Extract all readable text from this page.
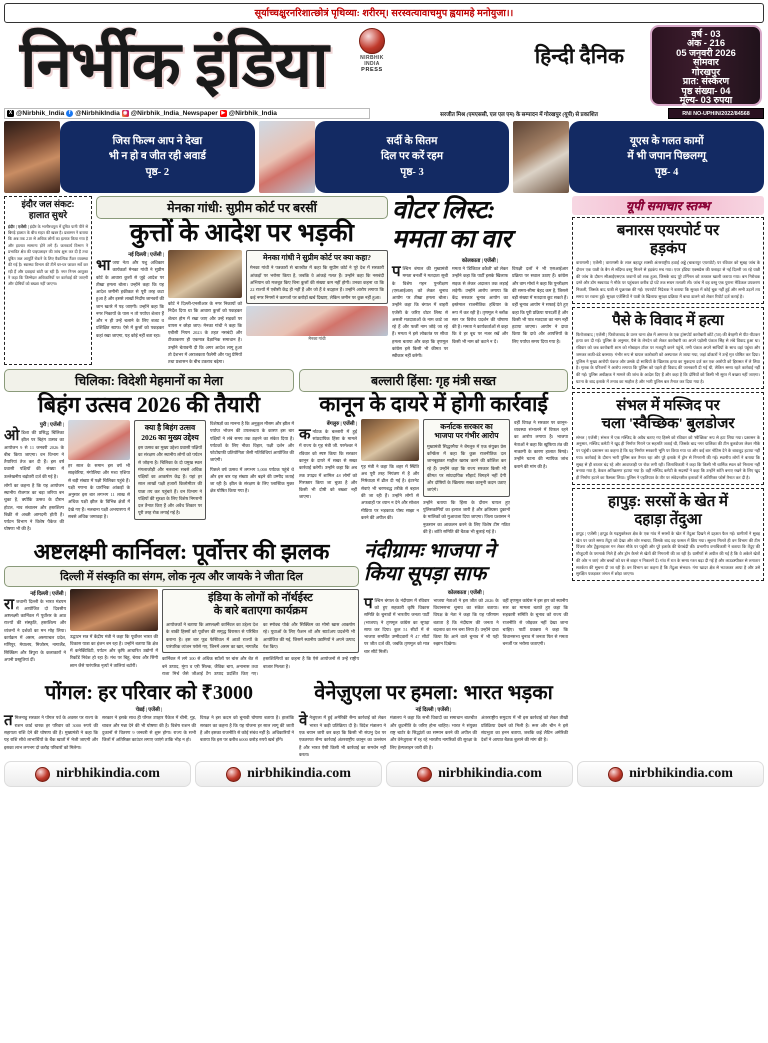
सूर्याच्चक्षुरनरिशात्छोत्रं पृथिव्या: शरीरम्। सरस्वत्यावाचमुप ह्वयामहे मनोयुजा।।
निर्भीक इंडिया	NIRBHIK INDIA
PRESS
हिन्दी दैनिक
वर्ष - 03
अंक - 216
05 जनवरी 2026
सोमवार
गोरखपुर
प्रात: संस्करण
पृष्ठ संख्या- 04
मूल्य- 03 रुपया
X @Nirbhik_India f @NirbhikIndia ◉ @Nirbhik_India_Newspaper ▶ @Nirbhik_India	सरजीत मिश्र (एमएससी, एल एल एम) के सम्पादन में गोरखपुर (यूपी) से प्रकाशित	RNI NO-UPHIN/2022/84568
जिस फिल्म आप ने देखा
भी न हो व जीत रही अवार्ड
पृष्ठ- 2
सर्दी के सितम
दिल पर करें रहम
पृष्ठ- 3
यूएस के गलत कामों
में भी जपान पिछलग्गू
पृष्ठ- 4
इंदौर जल संकट:
हालात सुधरे
इंदौर | एजेंसी | इंदौर के भागीरथपुरा में दूषित पानी पीने से बिगड़े हालात के बीच राहत की खबर है। प्रशासन ने बताया कि अब तक 210 से अधिक लोगों का इलाज किया गया है और हालात सामान्य होने लगे हैं। जलकार्य विभाग ने प्रभावित क्षेत्र की पाइपलाइन की जांच शुरू कर दी है तथा दूषित जल आपूर्ति रोकने के लिए वैकल्पिक टैंकर व्यवस्था की गई है। स्वास्थ्य विभाग की टीमें घर-घर जाकर सर्वे कर रही हैं और दवाइयां बांटी जा रही हैं। नगर निगम आयुक्त ने कहा कि जिम्मेदार अधिकारियों पर कार्रवाई की जाएगी और दोषियों को बख्शा नहीं जाएगा।
मेनका गांधी: सुप्रीम कोर्ट पर बरसीं
कुत्तों के आदेश पर भड़की
नई दिल्ली | एजेंसी |
भाजपा नेता और पशु अधिकार कार्यकर्ता मेनका गांधी ने सुप्रीम कोर्ट के आवारा कुत्तों से जुड़े आदेश पर तीखा हमला बोला। उन्होंने कहा कि यह आदेश जमीनी हकीकत से पूरी तरह कटा हुआ है और इससे लाखों निर्दोष जानवरों की जान खतरे में पड़ जाएगी। उन्होंने कहा कि नगर निकायों के पास न तो पर्याप्त शेल्टर हैं और न ही उन्हें चलाने के लिए बजट व प्रशिक्षित स्टाफ। ऐसे में कुत्तों को पकड़कर कहां रखा जाएगा, यह कोई नहीं बता रहा।
कोर्ट ने दिल्ली-एनसीआर के नगर निकायों को निर्देश दिया था कि आवारा कुत्तों को पकड़कर शेल्टर होम में रखा जाए और उन्हें सड़कों पर वापस न छोड़ा जाए। मेनका गांधी ने कहा कि एबीसी नियम 2023 के तहत नसबंदी और टीकाकरण ही एकमात्र वैज्ञानिक समाधान है। उन्होंने चेतावनी दी कि अगर आदेश लागू हुआ तो देशभर में अराजकता फैलेगी और पशु प्रेमियों तथा प्रशासन के बीच टकराव बढ़ेगा।
मेनका गांधी ने सुप्रीम कोर्ट पर क्या कहा?
मेनका गांधी ने पत्रकारों से बातचीत में कहा कि सुप्रीम कोर्ट ने पूरे देश में सरकारी आंकड़ों पर भरोसा किया है, जबकि वे आंकड़े गलत हैं। उन्होंने कहा कि नसबंदी अभियान को मजबूत किए बिना कुत्तों की संख्या कम नहीं होगी। उनका कहना था कि 22 राज्यों में एबीसी केंद्र ही नहीं हैं और जो हैं वे बदहाल हैं। उन्होंने आरोप लगाया कि कई नगर निगमों ने कागजों पर करोड़ों खर्च दिखाए, लेकिन जमीन पर कुछ नहीं हुआ।
मेनका गांधी
वोटर लिस्ट:
ममता का वार
कोलकाता | एजेंसी |
पश्चिम बंगाल की मुख्यमंत्री ममता बनर्जी ने मतदाता सूची के विशेष गहन पुनरीक्षण (एसआईआर) को लेकर चुनाव आयोग पर तीखा हमला बोला। उन्होंने कहा कि बंगाल में बाहरी एजेंसी के जरिए वोटर लिस्ट से असली मतदाताओं के नाम काटे जा रहे हैं और फर्जी नाम जोड़े जा रहे हैं। ममता ने इसे लोकतंत्र पर सीधा हमला बताया और कहा कि तृणमूल कांग्रेस इसे किसी भी कीमत पर स्वीकार नहीं करेगी।
ममता ने 'डिजिटल डकैती' को लेकर उन्होंने कहा कि पार्टी इसके खिलाफ सड़क से लेकर अदालत तक लड़ाई लड़ेगी। उन्होंने आरोप लगाया कि केंद्र सरकार चुनाव आयोग का इस्तेमाल राजनीतिक हथियार के रूप में कर रही है। तृणमूल ने ब्लॉक स्तर पर विरोध प्रदर्शन की घोषणा की है। ममता ने कार्यकर्ताओं से कहा कि वे हर बूथ पर नजर रखें और किसी भी नाम को कटने न दें।
विपक्षी दलों ने भी एसआईआर प्रक्रिया पर सवाल उठाए हैं। कांग्रेस और वाम मोर्चा ने कहा कि पुनरीक्षण की समय-सीमा बेहद कम है, जिससे बड़ी संख्या में मतदाता छूट सकते हैं। वहीं चुनाव आयोग ने सफाई देते हुए कहा कि पूरी प्रक्रिया पारदर्शी है और किसी भी पात्र मतदाता का नाम नहीं हटाया जाएगा। आयोग ने दावा किया कि दावे और आपत्तियों के लिए पर्याप्त समय दिया गया है।
चिलिका: विदेशी मेहमानों का मेला
बिहंग उत्सव 2026 की तैयारी
पुरी | एजेंसी |
ओडिशा की प्रसिद्ध चिलिका झील पर बिहंग उत्सव का आयोजन 9 से 11 जनवरी 2026 के बीच किया जाएगा। वन विभाग ने तैयारियां तेज कर दी हैं। इस वर्ष प्रवासी पक्षियों की संख्या में उल्लेखनीय बढ़ोतरी दर्ज की गई है।
लोगों का कहना है कि यह आयोजन स्थानीय रोजगार का बड़ा जरिया बन चुका है, क्योंकि उत्सव के दौरान होटल, नाव संचालन और हस्तशिल्प बिक्री से अच्छी आमदनी होती है। पर्यटन विभाग ने विशेष पैकेज की घोषणा भी की है।
हर साल के समान इस वर्ष भी साइबेरिया, मंगोलिया और मध्य एशिया से बड़ी संख्या में पक्षी चिलिका पहुंचे हैं। पक्षी गणना के प्रारंभिक आंकड़ों के अनुसार इस बार लगभग 11 लाख से अधिक पक्षी झील के विभिन्न क्षेत्रों में देखे गए हैं। नलबाना पक्षी अभयारण्य में सबसे अधिक जमावड़ा है।
क्या है बिहंग उत्सव
2026 का मुख्य उद्देश्य
इस उत्सव का मुख्य उद्देश्य प्रवासी पक्षियों का संरक्षण और स्थानीय लोगों को पर्यटन से जोड़ना है। चिलिका के दो प्रमुख स्थल मंगलाजोड़ी और नलबाना सबसे अधिक पक्षियों का आकर्षण केंद्र हैं। यहां हर साल लाखों पक्षी हजारों किलोमीटर की यात्रा तय कर पहुंचते हैं। वन विभाग ने पक्षियों की सुरक्षा के लिए विशेष निगरानी दल तैनात किए हैं और अवैध शिकार पर पूरी तरह रोक लगाई गई है।
विशेषज्ञों का मानना है कि अनुकूल मौसम और झील में पर्याप्त भोजन की उपलब्धता के कारण इस बार पक्षियों ने लंबे समय तक ठहरने का संकेत दिया है। पर्यटकों के लिए नौका विहार, पक्षी दर्शन और फोटोग्राफी प्रतियोगिता जैसी गतिविधियां आयोजित की जाएंगी।
पिछले वर्ष उत्सव में लगभग 5,000 पर्यटक पहुंचे थे और इस बार यह संख्या और बढ़ने की उम्मीद जताई जा रही है। झील के संरक्षण के लिए प्लास्टिक मुक्त क्षेत्र घोषित किया गया है।
बल्लारी हिंसा: गृह मंत्री सख्त
कानून के दायरे में होगी कार्रवाई
बेंगलुरु | एजेंसी |
कर्नाटक के बल्लारी में हुई सांप्रदायिक हिंसा के मामले में राज्य के गृह मंत्री जी. परमेश्वर ने रविवार को स्पष्ट किया कि सरकार कानून के दायरे में सख्त से सख्त कार्रवाई करेगी। उन्होंने कहा कि अब तक उपद्रव में शामिल 48 लोगों को गिरफ्तार किया जा चुका है और किसी भी दोषी को बख्शा नहीं जाएगा।
गृह मंत्री ने कहा कि शहर में स्थिति अब पूरी तरह नियंत्रण में है और निषेधाज्ञा में ढील दी गई है। इंटरनेट सेवाएं भी चरणबद्ध तरीके से बहाल की जा रही हैं। उन्होंने लोगों से अफवाहों पर ध्यान न देने और सोशल मीडिया पर भड़काऊ पोस्ट साझा न करने की अपील की।
कर्नाटक सरकार का
भाजपा पर गंभीर आरोप
मुख्यमंत्री सिद्धरमैया ने बेंगलुरु में एक संयुक्त प्रेस कॉन्फ्रेंस में कहा कि कुछ राजनीतिक दल जानबूझकर माहौल खराब करने की कोशिश कर रहे हैं। उन्होंने कहा कि राज्य सरकार किसी भी कीमत पर सांप्रदायिक सौहार्द बिगड़ने नहीं देगी और दोषियों के खिलाफ सख्त कानूनी कदम उठाए जाएंगे।
उन्होंने बताया कि हिंसा के दौरान घायल हुए पुलिसकर्मियों का इलाज जारी है और क्षतिग्रस्त दुकानों के मालिकों को मुआवजा दिया जाएगा। जिला प्रशासन ने नुकसान का आकलन करने के लिए विशेष टीम गठित की है। शांति समिति की बैठक भी बुलाई गई है।
वहीं विपक्ष ने सरकार पर कानून-व्यवस्था संभालने में विफल रहने का आरोप लगाया है। भाजपा नेताओं ने कहा कि खुफिया तंत्र की नाकामी के कारण हालात बिगड़े। उन्होंने घटना की न्यायिक जांच कराने की मांग की है।
अष्टलक्ष्मी कार्निवल: पूर्वोत्तर की झलक
दिल्ली में संस्कृति का संगम, लोक नृत्य और जायके ने जीता दिल
नई दिल्ली | एजेंसी |
राजधानी दिल्ली के भारत मंडपम में आयोजित दो दिवसीय अष्टलक्ष्मी कार्निवल में पूर्वोत्तर के आठ राज्यों की संस्कृति, हस्तशिल्प और व्यंजनों ने दर्शकों का मन मोह लिया। कार्यक्रम में असम, अरुणाचल प्रदेश, मणिपुर, मेघालय, मिजोरम, नागालैंड, सिक्किम और त्रिपुरा के कलाकारों ने अपनी प्रस्तुतियां दीं।
उद्घाटन सत्र में केंद्रीय मंत्री ने कहा कि पूर्वोत्तर भारत की विकास यात्रा का इंजन बन रहा है। उन्होंने बताया कि क्षेत्र में कनेक्टिविटी, पर्यटन और कृषि आधारित उद्योगों में रिकॉर्ड निवेश हो रहा है। मंच पर बिहू, चेराव और सिंगी छाम जैसे पारंपरिक नृत्यों ने तालियां बटोरीं।
इंडिया के लोगों को नॉर्थईस्ट
के बारे बताएगा कार्यक्रम
आयोजकों ने बताया कि अष्टलक्ष्मी कार्निवल का उद्देश्य देश के बाकी हिस्सों को पूर्वोत्तर की समृद्ध विरासत से परिचित कराना है। इस बार फूड फेस्टिवल में आठों राज्यों के पारंपरिक व्यंजन परोसे गए, जिनमें असम का खार, नागालैंड का स्मोक्ड पोर्क और सिक्किम का मोमो खास आकर्षण रहे। युवाओं के लिए फैशन शो और स्टार्टअप प्रदर्शनी भी आयोजित की गई, जिसमें स्थानीय उद्यमियों ने अपने उत्पाद पेश किए।
कार्निवल में लगे 300 से अधिक स्टॉलों पर बांस और बेंत से बने उत्पाद, मूंगा व एरी सिल्क, जैविक चाय, अनानास तथा राजा मिर्च जैसे जीआई टैग उत्पाद प्रदर्शित किए गए। हस्तशिल्पियों का कहना है कि ऐसे आयोजनों से उन्हें राष्ट्रीय बाजार मिलता है।
नंदीग्रामः भाजपा ने
किया सूपड़ा साफ
कोलकाता | एजेंसी |
पश्चिम बंगाल के नंदीग्राम में रविवार को हुए सहकारी कृषि विकास समिति के चुनावों में भारतीय जनता पार्टी (भाजपा) ने तृणमूल कांग्रेस का सूपड़ा साफ कर दिया। कुल 51 सीटों में से भाजपा समर्थित उम्मीदवारों ने 47 सीटों पर जीत दर्ज की, जबकि तृणमूल को मात्र चार सीटें मिलीं।
भाजपा नेताओं ने इस जीत को 2026 के विधानसभा चुनाव का संकेत बताया। विपक्ष के नेता ने कहा कि यह परिणाम बताता है कि नंदीग्राम की जनता ने बदलाव का मन बना लिया है। उन्होंने दावा किया कि आने वाले चुनाव में भी यही रुझान दिखेगा।
वहीं तृणमूल कांग्रेस ने इस हार को स्थानीय स्तर का मामला बताते हुए कहा कि सहकारी समिति के चुनाव को राज्य की राजनीति से जोड़कर नहीं देखा जाना चाहिए। पार्टी प्रवक्ता ने कहा कि विधानसभा चुनाव में जनता फिर से ममता बनर्जी पर भरोसा जताएगी।
पोंगल: हर परिवार को ₹3000
चेन्नई | एजेंसी |
तमिलनाडु सरकार ने पोंगल पर्व के अवसर पर राज्य के राशन कार्ड धारक हर परिवार को 3000 रुपये की सहायता राशि देने की घोषणा की है। मुख्यमंत्री ने कहा कि यह राशि सीधे लाभार्थियों के बैंक खातों में भेजी जाएगी और इसका लाभ लगभग दो करोड़ परिवारों को मिलेगा।
सरकार ने इसके साथ ही पोंगल उपहार पैकेज में चीनी, गुड़, चावल और गन्ना देने की भी घोषणा की है। विशेष राशन की दुकानों से वितरण 9 जनवरी से शुरू होगा। राज्य के सभी जिलों में अतिरिक्त काउंटर लगाए जाएंगे ताकि भीड़ न हो।
विपक्ष ने इस कदम को चुनावी घोषणा बताया है। हालांकि सरकार का कहना है कि यह योजना हर साल लागू की जाती है और इसका राजनीति से कोई संबंध नहीं है। अधिकारियों ने बताया कि इस पर करीब 6000 करोड़ रुपये खर्च होंगे।
वेनेज़ुएला पर हमला: भारत भड़का
नई दिल्ली | एजेंसी |
वेनेजुएला में हुई अमेरिकी सैन्य कार्रवाई को लेकर भारत ने कड़ी प्रतिक्रिया दी है। विदेश मंत्रालय ने एक बयान जारी कर कहा कि किसी भी संप्रभु देश पर एकतरफा सैन्य कार्रवाई अंतरराष्ट्रीय कानून का उल्लंघन है और भारत ऐसी किसी भी कार्रवाई का समर्थन नहीं करता।
मंत्रालय ने कहा कि सभी विवादों का समाधान बातचीत और कूटनीति के जरिए होना चाहिए। भारत ने संयुक्त राष्ट्र चार्टर के सिद्धांतों का सम्मान करने की अपील की और वेनेजुएला में रह रहे भारतीय नागरिकों की सुरक्षा के लिए हेल्पलाइन जारी की है।
अंतरराष्ट्रीय समुदाय में भी इस कार्रवाई को लेकर तीखी प्रतिक्रिया देखने को मिली है। रूस और चीन ने इसे संप्रभुता का हनन बताया, जबकि कई लैटिन अमेरिकी देशों ने आपात बैठक बुलाने की मांग की है।
यूपी समाचार स्तम्भ
बनारस एयरपोर्ट पर
हड़कंप
वाराणसी | एजेंसी | वाराणसी के लाल बहादुर शास्त्री अंतरराष्ट्रीय हवाई अड्डे (बाबतपुर एयरपोर्ट) पर रविवार को सुबह जांच के दौरान एक यात्री के बैग से संदिग्ध वस्तु मिलने से हड़कंप मच गया। एयर इंडिया एक्सप्रेस की फ्लाइट से नई दिल्ली जा रहे यात्री की जांच के दौरान सीआईएसएफ जवानों को शक हुआ, जिसके बाद पूरे टर्मिनल को तत्काल खाली कराया गया। बम निरोधक दस्ते और डॉग स्क्वायड ने मौके पर पहुंचकर करीब दो घंटे तक सघन तलाशी ली। जांच में वह वस्तु एक पुराना मेडिकल उपकरण निकली, जिसके बाद यात्री से पूछताछ की गई। एयरपोर्ट निदेशक ने बताया कि सुरक्षा में कोई चूक नहीं हुई और सभी उड़ानें तय समय पर रवाना हुईं। सुरक्षा एजेंसियों ने यात्री के खिलाफ सुरक्षा प्रक्रिया में बाधा डालने को लेकर रिपोर्ट दर्ज कराई है।
पैसे के विवाद में हत्या
फिरोजाबाद | एजेंसी | फिरोजाबाद के उत्तर थाना क्षेत्र में अमानत के एक ट्रांसपोर्ट कारोबारी छोटे (50) की बेरहमी से पीट-पीटकर हत्या कर दी गई। पुलिस के अनुसार, पैसे के लेनदेन को लेकर कारोबारी का अपने पड़ोसी पंकज सिंह से लंबे विवाद हुआ था। रविवार को जब कारोबारी शाम को मोबाइल टॉवर पर मजदूरी करने पहुंचे, तभी पंकज अपने साथियों के साथ वहां पहुंचा और जमकर लाठी-डंडे बरसाए। गंभीर रूप से घायल कारोबारी को अस्पताल ले जाया गया, जहां डॉक्टरों ने उन्हें मृत घोषित कर दिया। पुलिस ने मुख्य आरोपी पंकज और उसके दो साथियों के खिलाफ हत्या का मुकदमा दर्ज कर एक आरोपी को हिरासत में ले लिया है। मृतक के परिजनों ने आरोप लगाया कि पुलिस को पहले ही विवाद की जानकारी दी गई थी, लेकिन समय रहते कार्रवाई नहीं की गई। पुलिस अधीक्षक ने मामले की जांच के आदेश दिए हैं और कहा है कि दोषियों को किसी भी सूरत में बख्शा नहीं जाएगा। घटना के बाद इलाके में तनाव का माहौल है और भारी पुलिस बल तैनात कर दिया गया है।
संभल में मस्जिद पर
चला 'स्वैच्छिक' बुलडोजर
संभल | एजेंसी | संभल में एक मस्जिद के अवैध बताए गए हिस्से को रविवार को 'स्वैच्छिक' रूप से हटा लिया गया। प्रशासन के अनुसार, मस्जिद कमेटी ने खुद ही निर्माण गिराने पर सहमति जताई थी, जिसके बाद नगर पालिका की टीम बुलडोजर लेकर मौके पर पहुंची। प्रशासन का कहना है कि यह निर्माण सरकारी भूमि पर किया गया था और कई बार नोटिस देने के बावजूद हटाया नहीं गया। कार्रवाई के दौरान भारी पुलिस बल तैनात रहा और पूरे इलाके में ड्रोन से निगरानी की गई। स्थानीय लोगों ने बताया कि सुबह से ही बाजार बंद रहे और आवाजाही पर रोक लगी रही। जिलाधिकारी ने कहा कि किसी भी धार्मिक स्थल को निशाना नहीं बनाया गया है, केवल अतिक्रमण हटाया गया है। वहीं मस्जिद कमेटी के सदस्यों ने कहा कि उन्होंने शांति बनाए रखने के लिए खुद ही निर्माण हटाने का फैसला लिया। पुलिस ने एहतियात के तौर पर संवेदनशील इलाकों में अतिरिक्त फोर्स तैनात कर दी है।
हापुड़: सरसों के खेत में
दहाड़ा तेंदुआ
हापुड़ | एजेंसी | हापुड़ के गढ़मुक्तेश्वर क्षेत्र के एक गांव में सरसों के खेत में तेंदुआ दिखने से दहशत फैल गई। ग्रामीणों ने सुबह खेत पर जाते समय तेंदुए को देखा और शोर मचाया, जिसके बाद वह फसल में छिप गया। सूचना मिलते ही वन विभाग की टीम पिंजरा और ट्रेंकुलाइजर गन लेकर मौके पर पहुंची और पूरे इलाके की घेराबंदी की। प्रभागीय वनाधिकारी ने बताया कि तेंदुए की मौजूदगी के पगमार्क मिले हैं और ड्रोन कैमरे से खेतों की निगरानी की जा रही है। ग्रामीणों से अपील की गई है कि वे अकेले खेतों की ओर न जाएं और बच्चों को घर से बाहर न निकलने दें। गांव में रात के समय गश्त बढ़ा दी गई है और लाउडस्पीकर से लगातार सतर्कता की सूचना दी जा रही है। वन विभाग का कहना है कि तेंदुआ संभवत: गंगा खादर क्षेत्र से भटककर आया है और उसे सुरक्षित पकड़कर जंगल में छोड़ा जाएगा।
nirbhikindia.com	nirbhikindia.com	nirbhikindia.com	nirbhikindia.com
